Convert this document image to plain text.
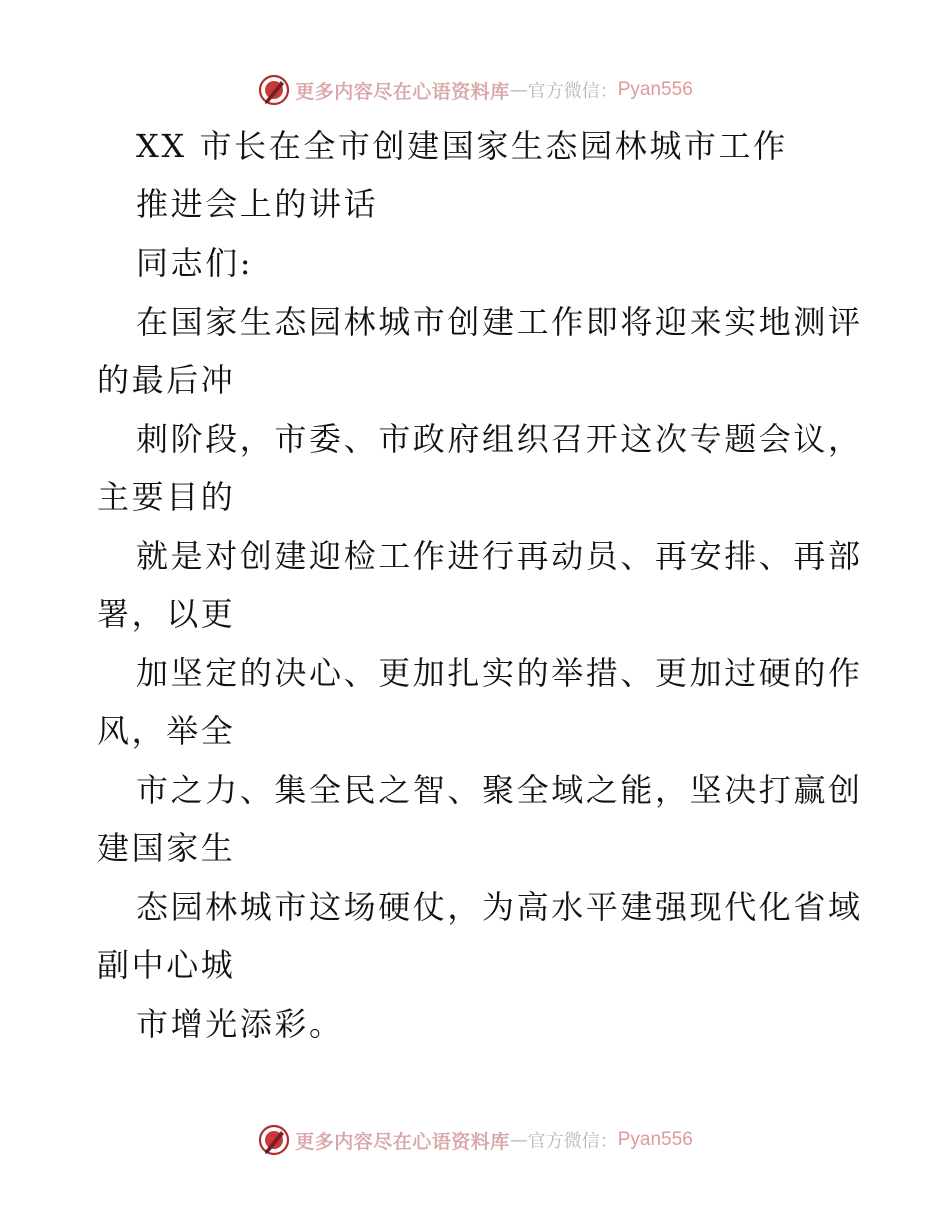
更多内容尽在心语资料库 — 官方微信： Pyan556
XX 市长在全市创建国家生态园林城市工作
推进会上的讲话
同志们:
在国家生态园林城市创建工作即将迎来实地测评
的最后冲
刺阶段，市委、市政府组织召开这次专题会议，
主要目的
就是对创建迎检工作进行再动员、再安排、再部
署，以更
加坚定的决心、更加扎实的举措、更加过硬的作
风，举全
市之力、集全民之智、聚全域之能，坚决打赢创
建国家生
态园林城市这场硬仗，为高水平建强现代化省域
副中心城
市增光添彩。
更多内容尽在心语资料库 — 官方微信： Pyan556
